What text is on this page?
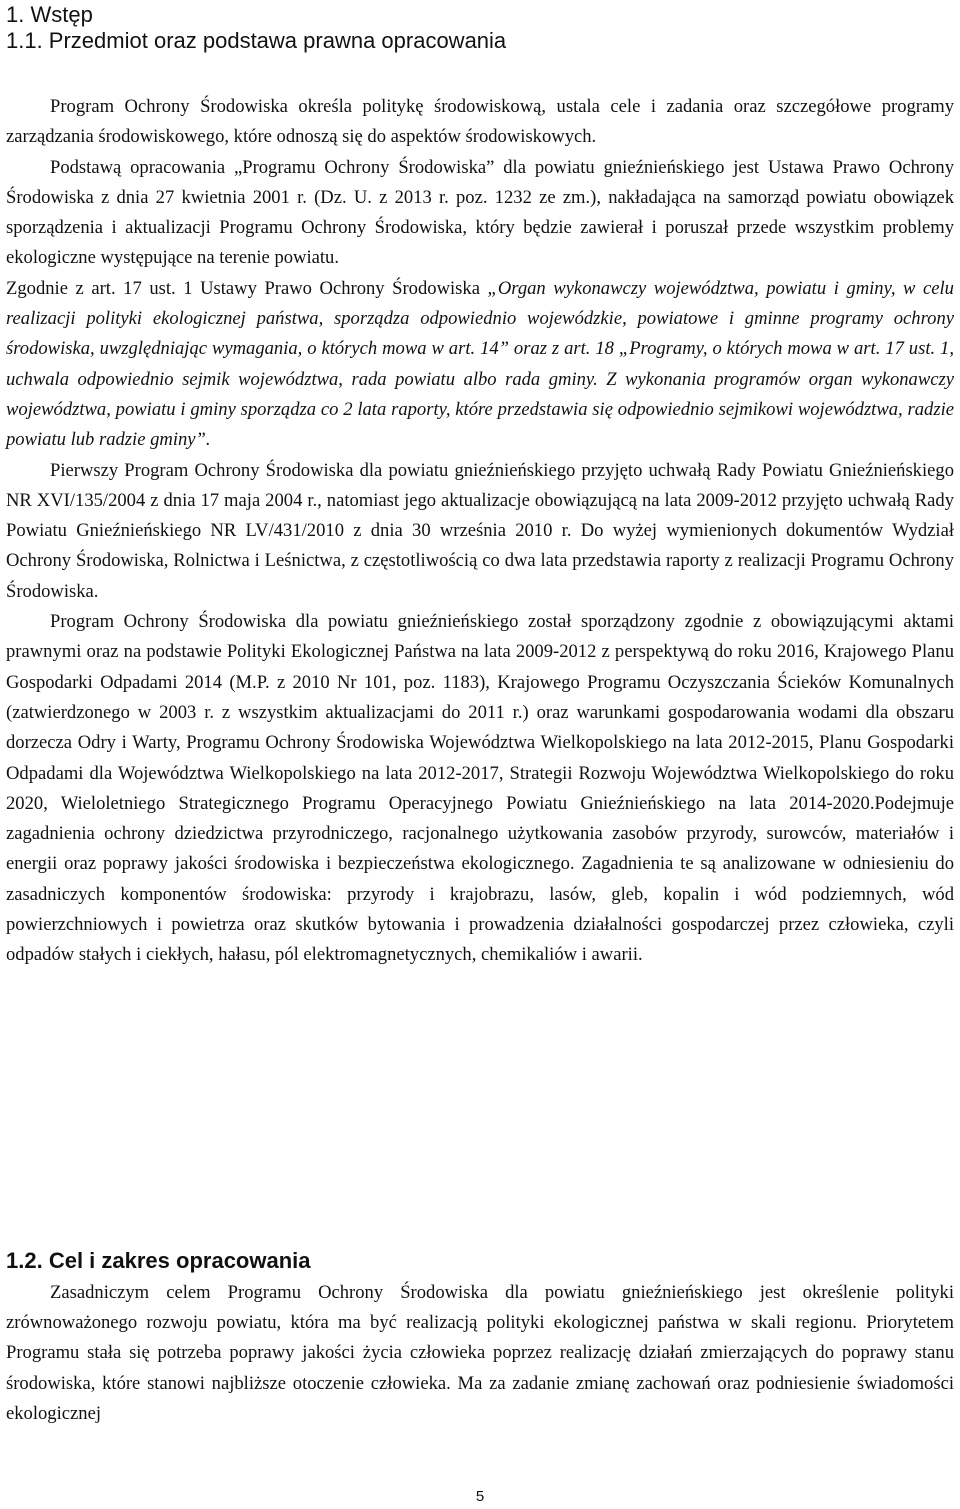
1. Wstęp
1.1. Przedmiot oraz podstawa prawna opracowania

Program Ochrony Środowiska określa politykę środowiskową, ustala cele i zadania oraz szczegółowe programy zarządzania środowiskowego, które odnoszą się do aspektów środowiskowych.

Podstawą opracowania „Programu Ochrony Środowiska” dla powiatu gnieźnieńskiego jest Ustawa Prawo Ochrony Środowiska z dnia 27 kwietnia 2001 r. (Dz. U. z 2013 r. poz. 1232 ze zm.), nakładająca na samorząd powiatu obowiązek sporządzenia i aktualizacji Programu Ochrony Środowiska, który będzie zawierał i poruszał przede wszystkim problemy ekologiczne występujące na terenie powiatu.

Zgodnie z art. 17 ust. 1 Ustawy Prawo Ochrony Środowiska „Organ wykonawczy województwa, powiatu i gminy, w celu realizacji polityki ekologicznej państwa, sporządza odpowiednio wojewódzkie, powiatowe i gminne programy ochrony środowiska, uwzględniając wymagania, o których mowa w art. 14” oraz z art. 18 „Programy, o których mowa w art. 17 ust. 1, uchwala odpowiednio sejmik województwa, rada powiatu albo rada gminy. Z wykonania programów organ wykonawczy województwa, powiatu i gminy sporządza co 2 lata raporty, które przedstawia się odpowiednio sejmikowi województwa, radzie powiatu lub radzie gminy”.

Pierwszy Program Ochrony Środowiska dla powiatu gnieźnieńskiego przyjęto uchwałą Rady Powiatu Gnieźnieńskiego NR XVI/135/2004 z dnia 17 maja 2004 r., natomiast jego aktualizacje obowiązującą na lata 2009-2012 przyjęto uchwałą Rady Powiatu Gnieźnieńskiego NR LV/431/2010 z dnia 30 września 2010 r. Do wyżej wymienionych dokumentów Wydział Ochrony Środowiska, Rolnictwa i Leśnictwa, z częstotliwością co dwa lata przedstawia raporty z realizacji Programu Ochrony Środowiska.

Program Ochrony Środowiska dla powiatu gnieźnieńskiego został sporządzony zgodnie z obowiązującymi aktami prawnymi oraz na podstawie Polityki Ekologicznej Państwa na lata 2009-2012 z perspektywą do roku 2016, Krajowego Planu Gospodarki Odpadami 2014 (M.P. z 2010 Nr 101, poz. 1183), Krajowego Programu Oczyszczania Ścieków Komunalnych (zatwierdzonego w 2003 r. z wszystkim aktualizacjami do 2011 r.) oraz warunkami gospodarowania wodami dla obszaru dorzecza Odry i Warty, Programu Ochrony Środowiska Województwa Wielkopolskiego na lata 2012-2015, Planu Gospodarki Odpadami dla Województwa Wielkopolskiego na lata 2012-2017, Strategii Rozwoju Województwa Wielkopolskiego do roku 2020, Wieloletniego Strategicznego Programu Operacyjnego Powiatu Gnieźnieńskiego na lata 2014-2020.Podejmuje zagadnienia ochrony dziedzictwa przyrodniczego, racjonalnego użytkowania zasobów przyrody, surowców, materiałów i energii oraz poprawy jakości środowiska i bezpieczeństwa ekologicznego. Zagadnienia te są analizowane w odniesieniu do zasadniczych komponentów środowiska: przyrody i krajobrazu, lasów, gleb, kopalin i wód podziemnych, wód powierzchniowych i powietrza oraz skutków bytowania i prowadzenia działalności gospodarczej przez człowieka, czyli odpadów stałych i ciekłych, hałasu, pól elektromagnetycznych, chemikaliów i awarii.

1.2. Cel i zakres opracowania

Zasadniczym celem Programu Ochrony Środowiska dla powiatu gnieźnieńskiego jest określenie polityki zrównoważonego rozwoju powiatu, która ma być realizacją polityki ekologicznej państwa w skali regionu. Priorytetem Programu stała się potrzeba poprawy jakości życia człowieka poprzez realizację działań zmierzających do poprawy stanu środowiska, które stanowi najbliższe otoczenie człowieka. Ma za zadanie zmianę zachowań oraz podniesienie świadomości ekologicznej

5
